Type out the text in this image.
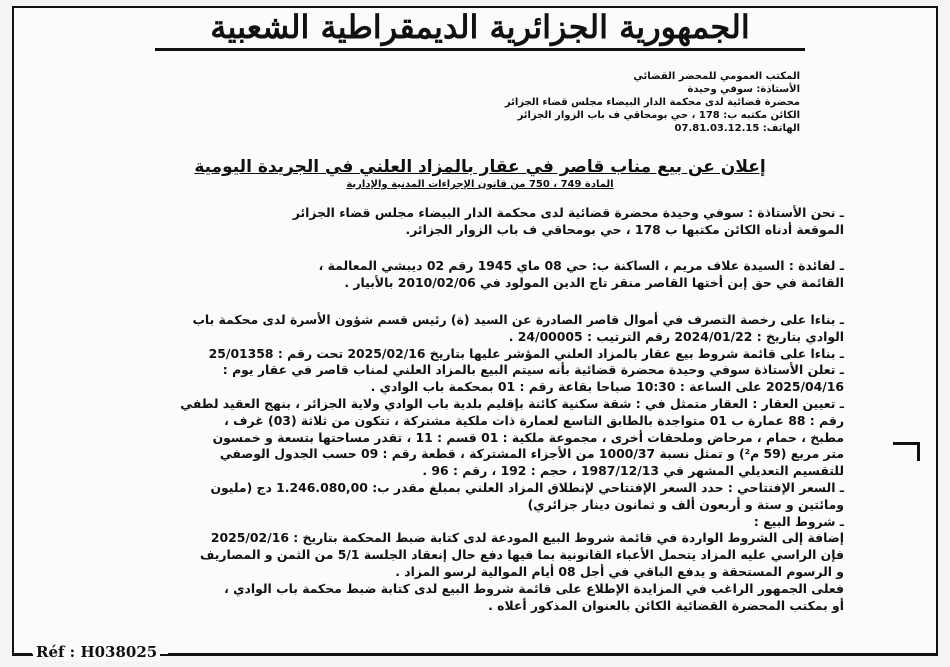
الجمهورية الجزائرية الديمقراطية الشعبية
المكتب العمومي للمحضر القضائي
الأستاذة: سوفي وحيدة
محضرة قضائية لدى محكمة الدار البيضاء مجلس قضاء الجزائر
الكائن مكتبه ب: 178 ، حي بومحاقي ف باب الزوار الجزائر
الهاتف: 07.81.03.12.15
إعلان عن بيع مناب قاصر في عقار بالمزاد العلني في الجريدة اليومية
المادة 749 ، 750 من قانون الإجراءات المدنية والإدارية

ـ نحن الأستاذة : سوفي وحيدة محضرة قضائية لدى محكمة الدار البيضاء مجلس قضاء الجزائر

الموقعة أدناه الكائن مكتبها ب 178 ، حي بومحاقي ف باب الزوار الجزائر.

ـ لفائدة : السيدة علاف مريم ، الساكنة ب: حي 08 ماي 1945 رقم 02 ديبشي المعالمة ،

القائمة في حق إبن أختها القاصر منقر تاج الدين المولود في 2010/02/06 بالأبيار .

ـ بناءا على رخصة التصرف في أموال قاصر الصادرة عن السيد (ة) رئيس قسم شؤون الأسرة لدى محكمة باب

الوادي بتاريخ : 2024/01/22 رقم الترتيب : 24/00005 .

ـ بناءا على قائمة شروط بيع عقار بالمزاد العلني المؤشر عليها بتاريخ 2025/02/16 تحت رقم : 25/01358

ـ تعلن الأستاذة سوفي وحيدة محضرة قضائية بأنه سيتم البيع بالمزاد العلني لمناب قاصر في عقار يوم :

2025/04/16 على الساعة : 10:30 صباحا بقاعة رقم : 01 بمحكمة باب الوادي .

ـ تعيين العقار : العقار متمثل في : شقة سكنية كائنة بإقليم بلدية باب الوادي ولاية الجزائر ، بنهج العقيد لطفي

رقم : 88 عمارة ب 01 متواجدة بالطابق التاسع لعمارة ذات ملكية مشتركة ، تتكون من ثلاثة (03) غرف ،

مطبخ ، حمام ، مرحاض وملحقات أخرى ، مجموعة ملكية : 01 قسم : 11 ، تقدر مساحتها بتسعة و خمسون

متر مربع (59 م²) و تمثل نسبة 1000/37 من الأجزاء المشتركة ، قطعة رقم : 09 حسب الجدول الوصفي

للتقسيم التعديلي المشهر في 1987/12/13 ، حجم : 192 ، رقم : 96 .

ـ السعر الإفتتاحي : حدد السعر الإفتتاحي لإنطلاق المزاد العلني بمبلغ مقدر ب: 1.246.080,00 دج (مليون

ومائتين و ستة و أربعون ألف و ثمانون دينار جزائري)

ـ شروط البيع :

إضافة إلى الشروط الواردة في قائمة شروط البيع المودعة لدى كتابة ضبط المحكمة بتاريخ : 2025/02/16

فإن الراسي عليه المزاد يتحمل الأعباء القانونية بما فيها دفع حال إنعقاد الجلسة 5/1 من الثمن و المصاريف

و الرسوم المستحقة و يدفع الباقي في أجل 08 أيام الموالية لرسو المزاد .

فعلى الجمهور الراغب في المزايدة الإطلاع على قائمة شروط البيع لدى كتابة ضبط محكمة باب الوادي ،

أو بمكتب المحضرة القضائية الكائن بالعنوان المذكور أعلاه .

Réf : H038025
